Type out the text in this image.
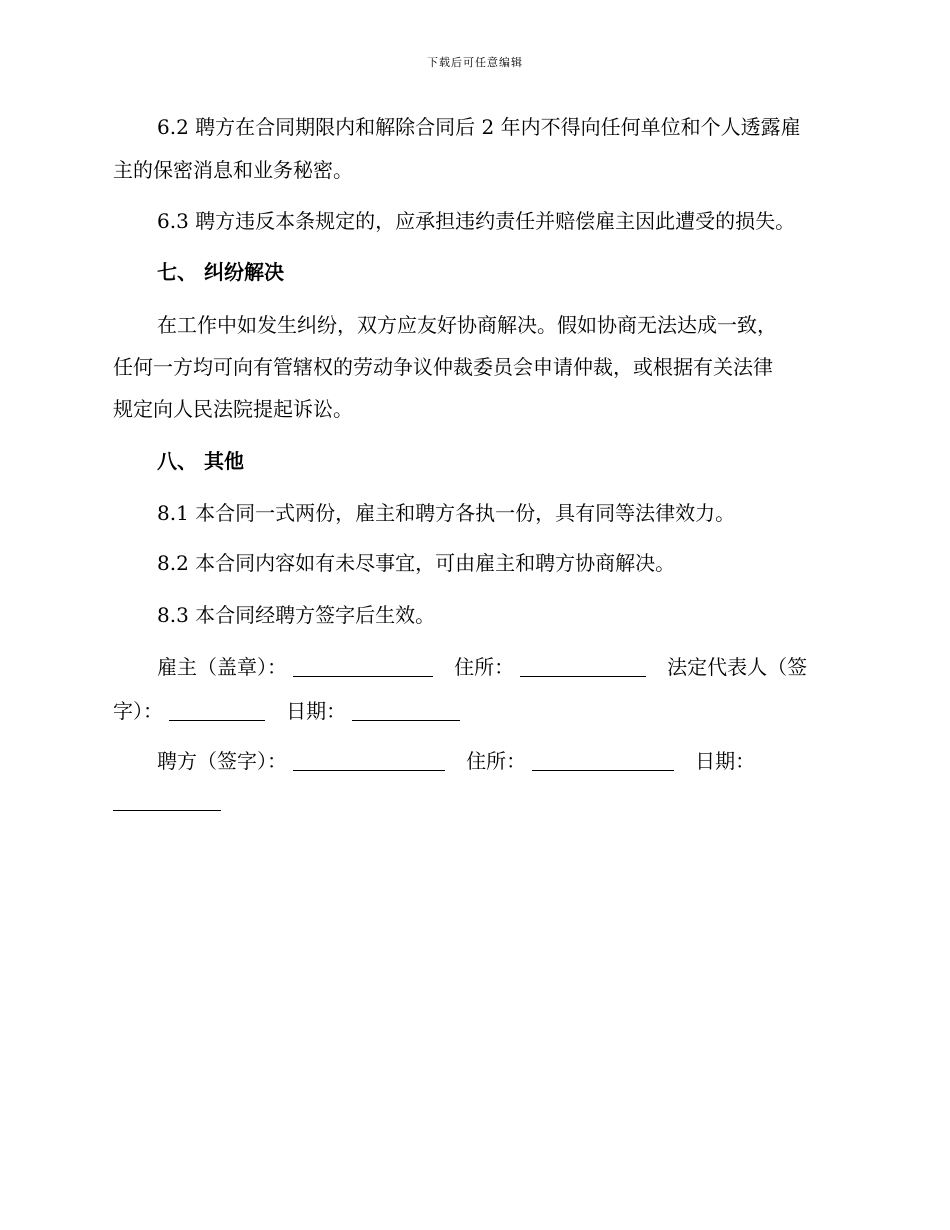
下载后可任意编辑
6.2 聘方在合同期限内和解除合同后 2 年内不得向任何单位和个人透露雇
主的保密消息和业务秘密。
6.3 聘方违反本条规定的，应承担违约责任并赔偿雇主因此遭受的损失。
七、 纠纷解决
在工作中如发生纠纷，双方应友好协商解决。假如协商无法达成一致，
任何一方均可向有管辖权的劳动争议仲裁委员会申请仲裁，或根据有关法律
规定向人民法院提起诉讼。
八、 其他
8.1 本合同一式两份，雇主和聘方各执一份，具有同等法律效力。
8.2 本合同内容如有未尽事宜，可由雇主和聘方协商解决。
8.3 本合同经聘方签字后生效。
雇主（盖章）：	住所：	法定代表人（签
字）：	日期：
聘方（签字）：	住所：	日期：
